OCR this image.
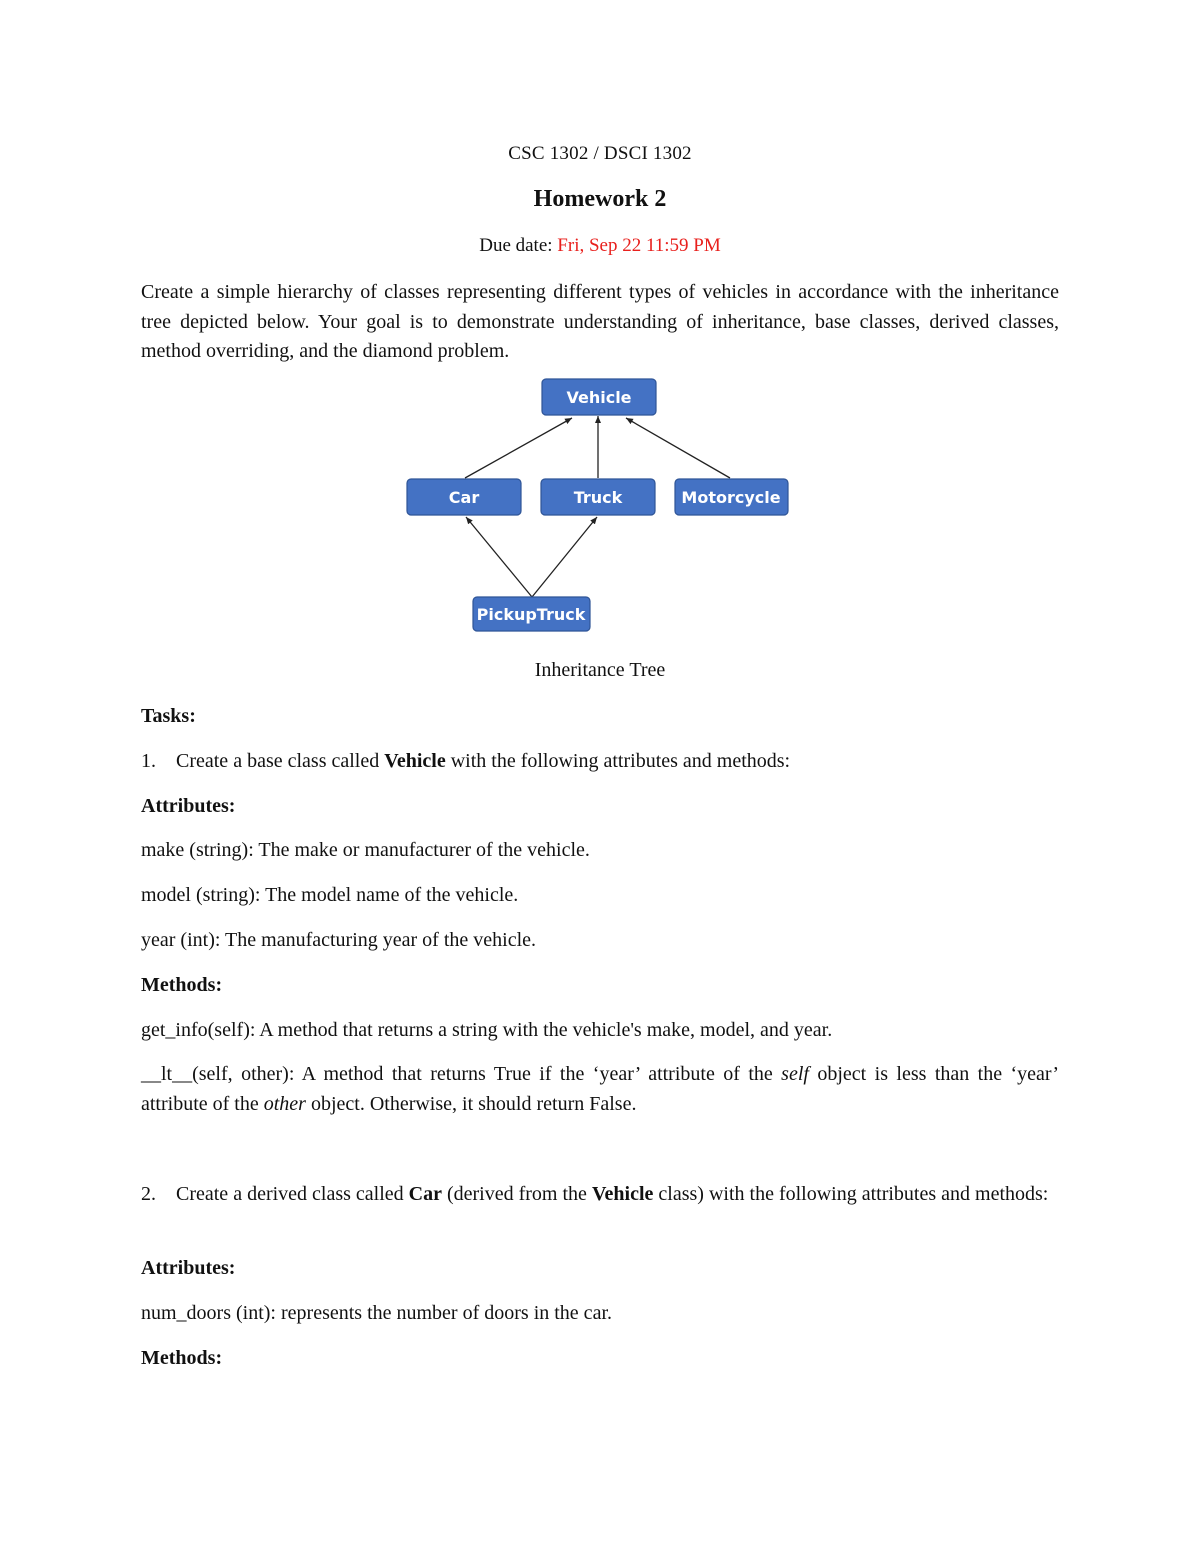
CSC 1302 / DSCI 1302
Homework 2
Due date: Fri, Sep 22 11:59 PM
Create a simple hierarchy of classes representing different types of vehicles in accordance with the inheritance tree depicted below. Your goal is to demonstrate understanding of inheritance, base classes, derived classes, method overriding, and the diamond problem.
Vehicle
Car	Truck	Motorcycle
PickupTruck
Inheritance Tree
Tasks:
1. Create a base class called Vehicle with the following attributes and methods:
Attributes:
make (string): The make or manufacturer of the vehicle.
model (string): The model name of the vehicle.
year (int): The manufacturing year of the vehicle.
Methods:
get_info(self): A method that returns a string with the vehicle's make, model, and year.
__lt__(self, other): A method that returns True if the ‘year’ attribute of the self object is less than the ‘year’ attribute of the other object. Otherwise, it should return False.
2. Create a derived class called Car (derived from the Vehicle class) with the following attributes and methods:
Attributes:
num_doors (int): represents the number of doors in the car.
Methods:
